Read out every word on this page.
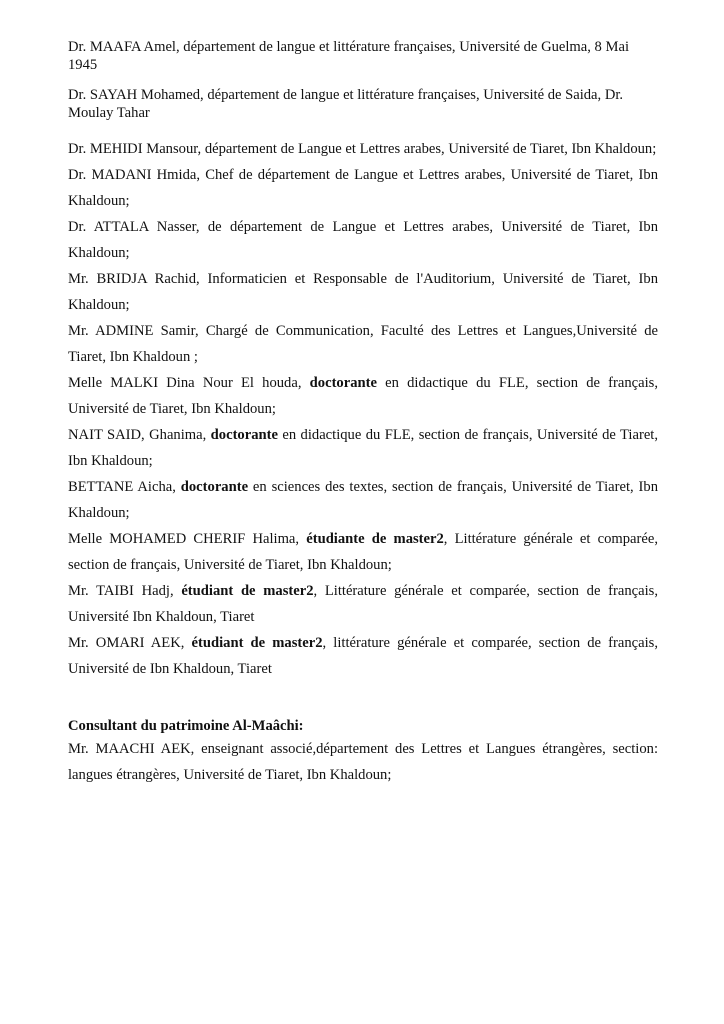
Dr. MAAFA Amel, département de langue et littérature françaises, Université de Guelma, 8 Mai 1945

Dr. SAYAH Mohamed, département de langue et littérature françaises, Université de Saida, Dr. Moulay Tahar

Dr. MEHIDI Mansour, département de Langue et Lettres arabes, Université de Tiaret, Ibn Khaldoun;

Dr. MADANI Hmida, Chef de département de Langue et Lettres arabes, Université de Tiaret, Ibn Khaldoun;

Dr. ATTALA Nasser, de département de Langue et Lettres arabes, Université de Tiaret, Ibn Khaldoun;

Mr. BRIDJA Rachid, Informaticien et Responsable de l'Auditorium, Université de Tiaret, Ibn Khaldoun;

Mr. ADMINE Samir, Chargé de Communication, Faculté des Lettres et Langues,Université de Tiaret, Ibn Khaldoun ;

Melle MALKI Dina Nour El houda, doctorante en didactique du FLE, section de français, Université de Tiaret, Ibn Khaldoun;

NAIT SAID, Ghanima, doctorante en didactique du FLE, section de français, Université de Tiaret, Ibn Khaldoun;

BETTANE Aicha, doctorante en sciences des textes, section de français, Université de Tiaret, Ibn Khaldoun;

Melle MOHAMED CHERIF Halima, étudiante de master2, Littérature générale et comparée, section de français, Université de Tiaret, Ibn Khaldoun;

Mr. TAIBI Hadj, étudiant de master2, Littérature générale et comparée, section de français, Université Ibn Khaldoun, Tiaret

Mr. OMARI AEK, étudiant de master2, littérature générale et comparée, section de français, Université de Ibn Khaldoun, Tiaret

Consultant du patrimoine Al-Maâchi:

Mr. MAACHI AEK, enseignant associé,département des Lettres et Langues étrangères, section: langues étrangères, Université de Tiaret, Ibn Khaldoun;
